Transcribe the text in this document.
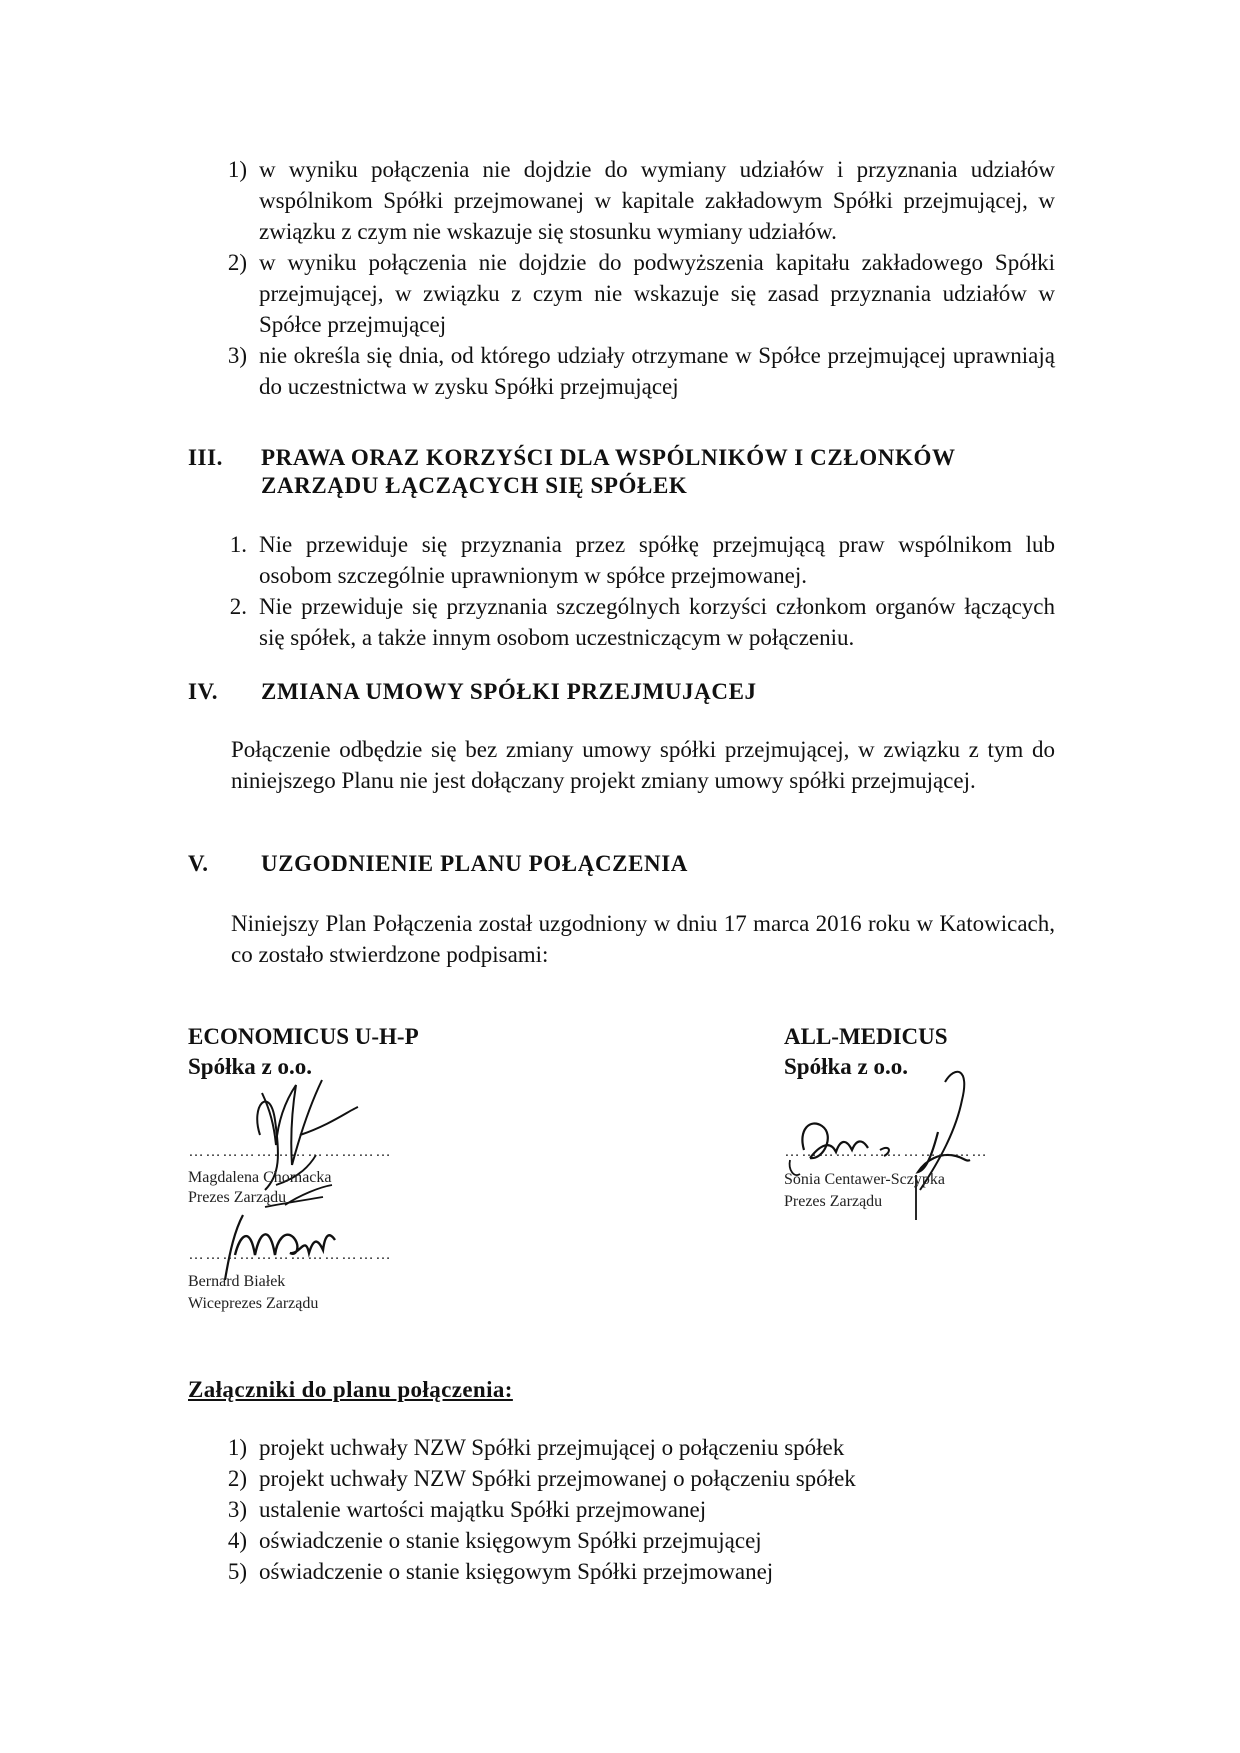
1) w wyniku połączenia nie dojdzie do wymiany udziałów i przyznania udziałów wspólnikom Spółki przejmowanej w kapitale zakładowym Spółki przejmującej, w związku z czym nie wskazuje się stosunku wymiany udziałów.
2) w wyniku połączenia nie dojdzie do podwyższenia kapitału zakładowego Spółki przejmującej, w związku z czym nie wskazuje się zasad przyznania udziałów w Spółce przejmującej
3) nie określa się dnia, od którego udziały otrzymane w Spółce przejmującej uprawniają do uczestnictwa w zysku Spółki przejmującej
III.	PRAWA ORAZ KORZYŚCI DLA WSPÓLNIKÓW I CZŁONKÓW ZARZĄDU ŁĄCZĄCYCH SIĘ SPÓŁEK
1. Nie przewiduje się przyznania przez spółkę przejmującą praw wspólnikom lub osobom szczególnie uprawnionym w spółce przejmowanej.
2. Nie przewiduje się przyznania szczególnych korzyści członkom organów łączących się spółek, a także innym osobom uczestniczącym w połączeniu.
IV.	ZMIANA UMOWY SPÓŁKI PRZEJMUJĄCEJ
Połączenie odbędzie się bez zmiany umowy spółki przejmującej, w związku z tym do niniejszego Planu nie jest dołączany projekt zmiany umowy spółki przejmującej.
V.	UZGODNIENIE PLANU POŁĄCZENIA
Niniejszy Plan Połączenia został uzgodniony w dniu 17 marca 2016 roku w Katowicach, co zostało stwierdzone podpisami:
ECONOMICUS U-H-P
Spółka z o.o.
………………………………
Magdalena Chomacka
Prezes Zarządu
………………………………
Bernard Białek
Wiceprezes Zarządu
ALL-MEDICUS
Spółka z o.o.
………………………………
Sonia Centawer-Sczypka
Prezes Zarządu
Załączniki do planu połączenia:
1) projekt uchwały NZW Spółki przejmującej o połączeniu spółek
2) projekt uchwały NZW Spółki przejmowanej o połączeniu spółek
3) ustalenie wartości majątku Spółki przejmowanej
4) oświadczenie o stanie księgowym Spółki przejmującej
5) oświadczenie o stanie księgowym Spółki przejmowanej
